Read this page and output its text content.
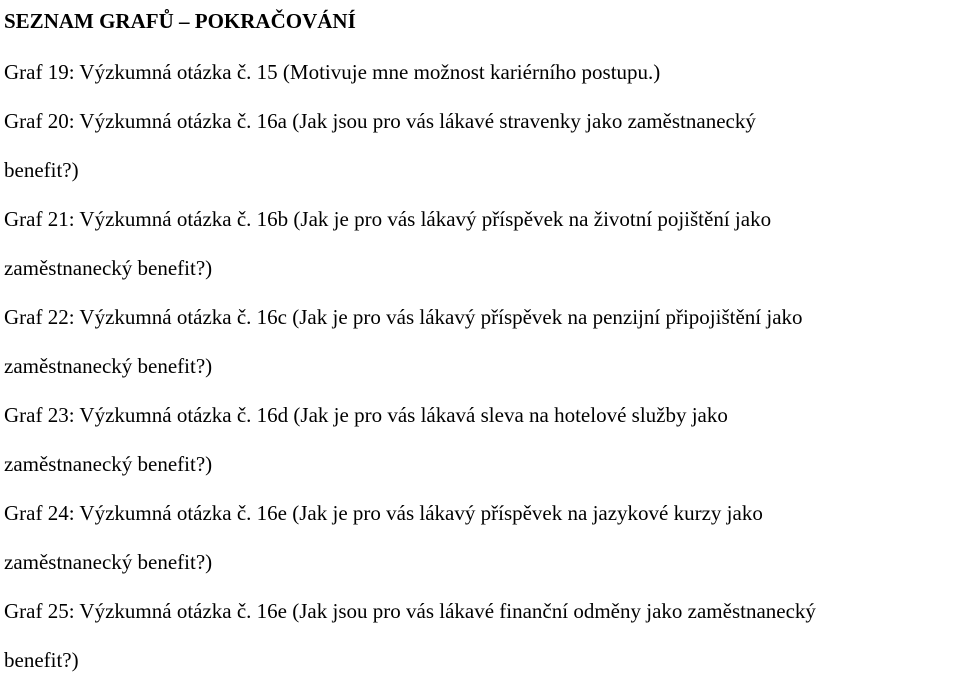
SEZNAM GRAFŮ – POKRAČOVÁNÍ
Graf 19: Výzkumná otázka č. 15 (Motivuje mne možnost kariérního postupu.)
Graf 20: Výzkumná otázka č. 16a (Jak jsou pro vás lákavé stravenky jako zaměstnanecký
benefit?)
Graf 21: Výzkumná otázka č. 16b (Jak je pro vás lákavý příspěvek na životní pojištění jako
zaměstnanecký benefit?)
Graf 22: Výzkumná otázka č. 16c (Jak je pro vás lákavý příspěvek na penzijní připojištění jako
zaměstnanecký benefit?)
Graf 23: Výzkumná otázka č. 16d (Jak je pro vás lákavá sleva na hotelové služby jako
zaměstnanecký benefit?)
Graf 24: Výzkumná otázka č. 16e (Jak je pro vás lákavý příspěvek na jazykové kurzy jako
zaměstnanecký benefit?)
Graf 25: Výzkumná otázka č. 16e (Jak jsou pro vás lákavé finanční odměny jako zaměstnanecký
benefit?)
